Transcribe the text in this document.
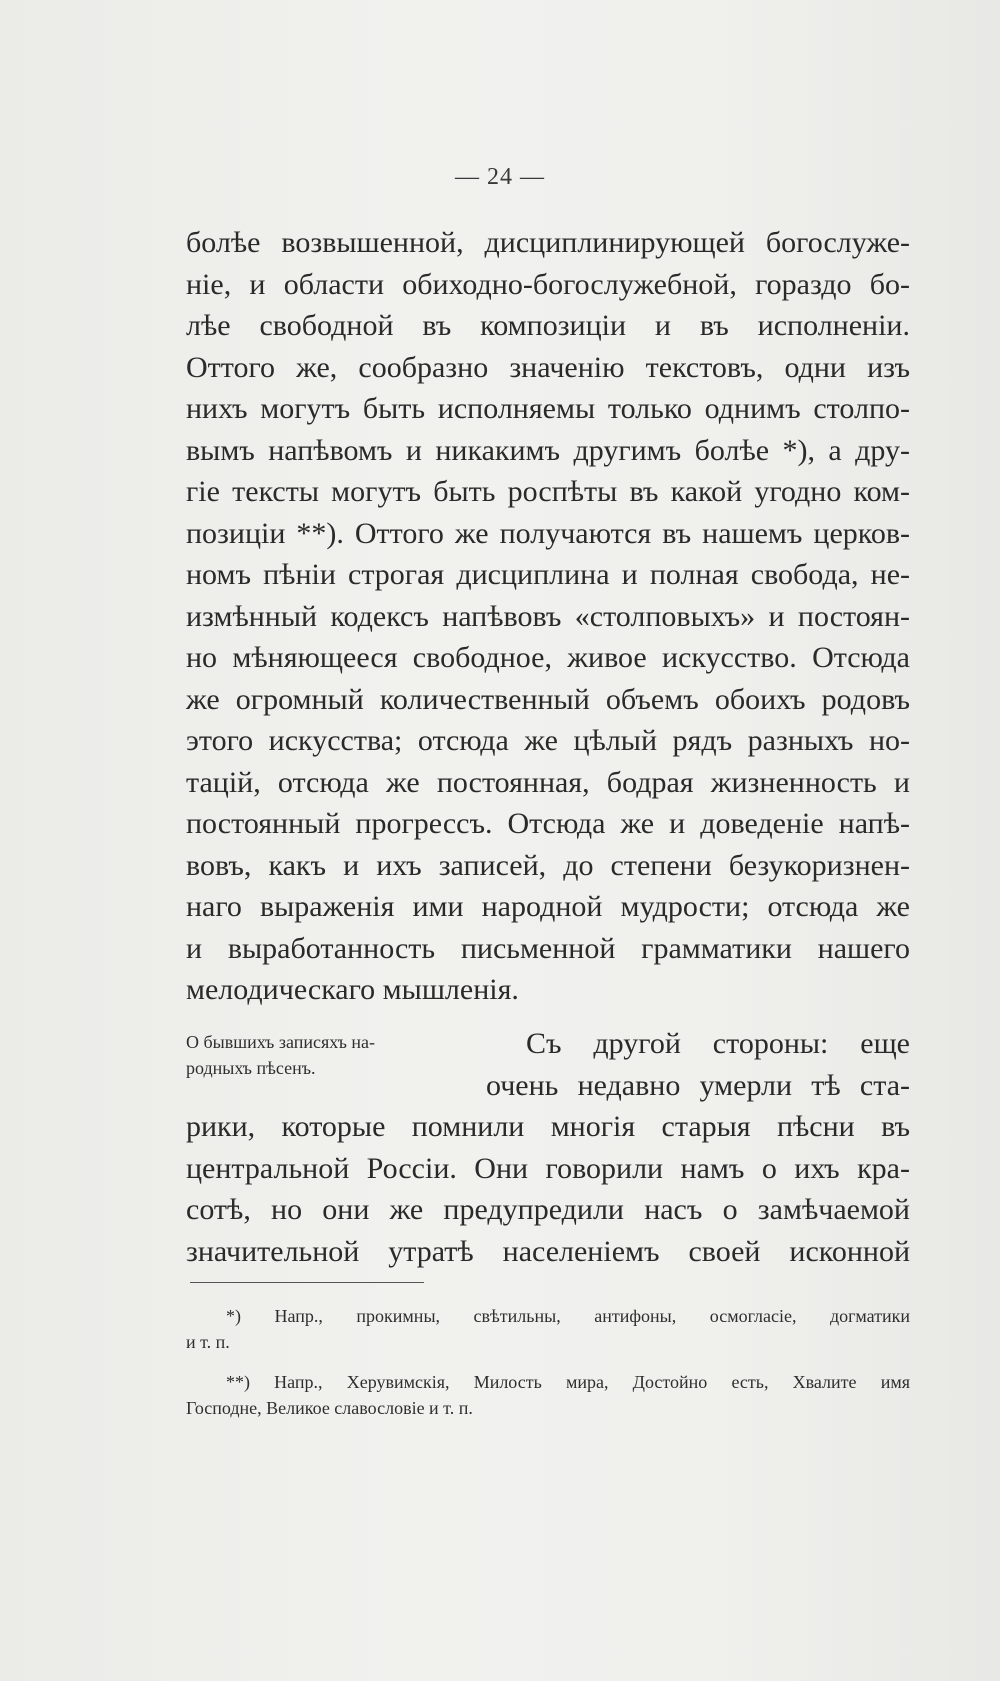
— 24 —
болѣе возвышенной, дисциплинирующей богослуже-
ніе, и области обиходно-богослужебной, гораздо бо-
лѣе свободной въ композиціи и въ исполненіи.
Оттого же, сообразно значенію текстовъ, одни изъ
нихъ могутъ быть исполняемы только однимъ столпо-
вымъ напѣвомъ и никакимъ другимъ болѣе *), а дру-
гіе тексты могутъ быть роспѣты въ какой угодно ком-
позиціи **). Оттого же получаются въ нашемъ церков-
номъ пѣніи строгая дисциплина и полная свобода, не-
измѣнный кодексъ напѣвовъ «столповыхъ» и постоян-
но мѣняющееся свободное, живое искусство. Отсюда
же огромный количественный объемъ обоихъ родовъ
этого искусства; отсюда же цѣлый рядъ разныхъ но-
тацій, отсюда же постоянная, бодрая жизненность и
постоянный прогрессъ. Отсюда же и доведеніе напѣ-
вовъ, какъ и ихъ записей, до степени безукоризнен-
наго выраженія ими народной мудрости; отсюда же
и выработанность письменной грамматики нашего
мелодическаго мышленія.
О бывшихъ записяхъ на-
родныхъ пѣсенъ.
Съ другой стороны: еще
очень недавно умерли тѣ ста-
рики, которые помнили многія старыя пѣсни въ
центральной Россіи. Они говорили намъ о ихъ кра-
сотѣ, но они же предупредили насъ о замѣчаемой
значительной утратѣ населеніемъ своей исконной
*) Напр., прокимны, свѣтильны, антифоны, осмогласіе, догматики
и т. п.
**) Напр., Херувимскія, Милость мира, Достойно есть, Хвалите имя
Господне, Великое славословіе и т. п.
